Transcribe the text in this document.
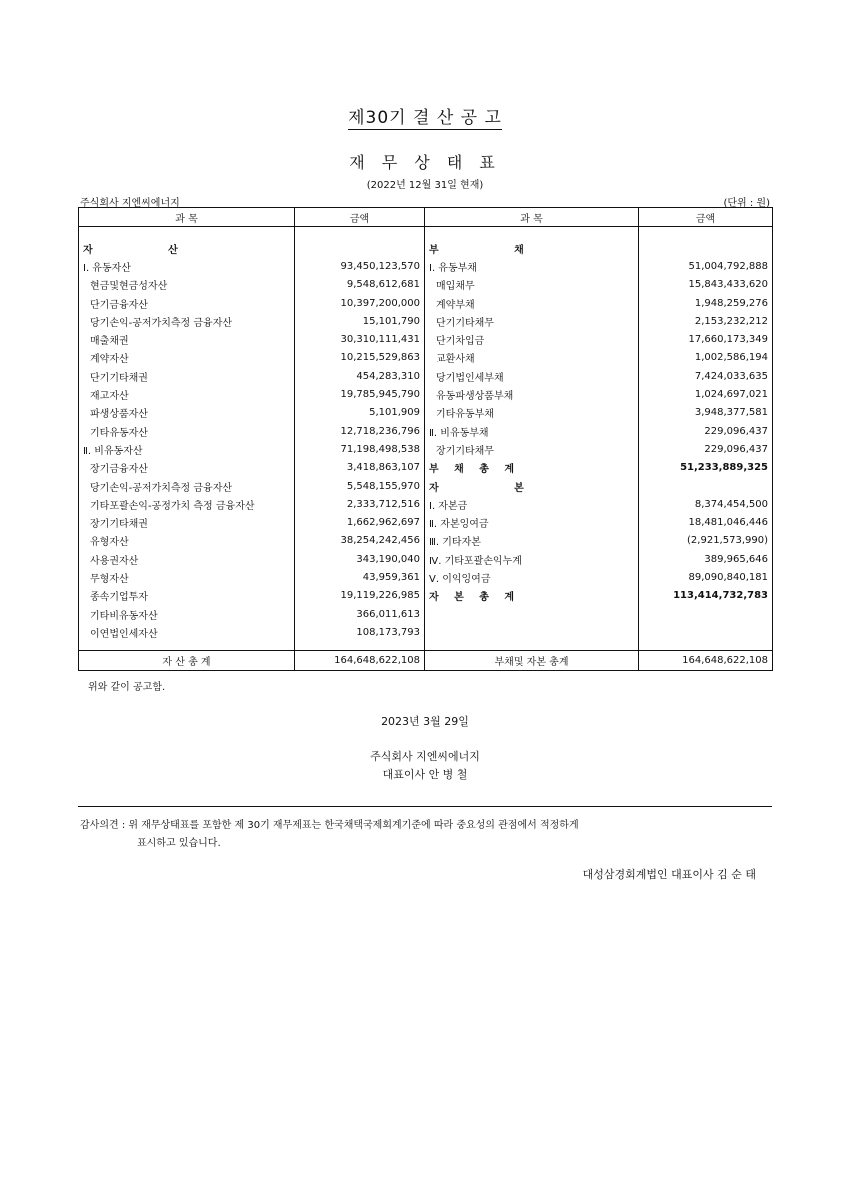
제30기 결 산 공 고
재 무 상 태 표
(2022년 12월 31일 현재)
주식회사 지엔씨에너지	(단위 : 원)
과 목	금액	과 목	금액

자 산		부 채	
Ⅰ. 유동자산	93,450,123,570	Ⅰ. 유동부채	51,004,792,888
현금및현금성자산	9,548,612,681	매입채무	15,843,433,620
단기금융자산	10,397,200,000	계약부채	1,948,259,276
당기손익-공저가치측정 금융자산	15,101,790	단기기타채무	2,153,232,212
매출채권	30,310,111,431	단기차입금	17,660,173,349
계약자산	10,215,529,863	교환사채	1,002,586,194
단기기타채권	454,283,310	당기법인세부채	7,424,033,635
재고자산	19,785,945,790	유동파생상품부채	1,024,697,021
파생상품자산	5,101,909	기타유동부채	3,948,377,581
기타유동자산	12,718,236,796	Ⅱ. 비유동부채	229,096,437
Ⅱ. 비유동자산	71,198,498,538	장기기타채무	229,096,437
장기금융자산	3,418,863,107	부 채 총 계	51,233,889,325
당기손익-공저가치측정 금융자산	5,548,155,970	자 본	
기타포괄손익-공정가치 측정 금융자산	2,333,712,516	Ⅰ. 자본금	8,374,454,500
장기기타채권	1,662,962,697	Ⅱ. 자본잉여금	18,481,046,446
유형자산	38,254,242,456	Ⅲ. 기타자본	(2,921,573,990)
사용권자산	343,190,040	Ⅳ. 기타포괄손익누계	389,965,646
무형자산	43,959,361	Ⅴ. 이익잉여금	89,090,840,181
종속기업투자	19,119,226,985	자 본 총 계	113,414,732,783
기타비유동자산	366,011,613		
이연법인세자산	108,173,793		

자 산 총 계	164,648,622,108	부채및 자본 총계	164,648,622,108
위와 같이 공고함.
2023년 3월 29일
주식회사 지엔씨에너지
대표이사 안 병 철
감사의견 : 위 재무상태표를 포함한 제 30기 재무제표는 한국채택국제회계기준에 따라 중요성의 관점에서 적정하게
표시하고 있습니다.
대성삼경회계법인 대표이사 김 순 태
